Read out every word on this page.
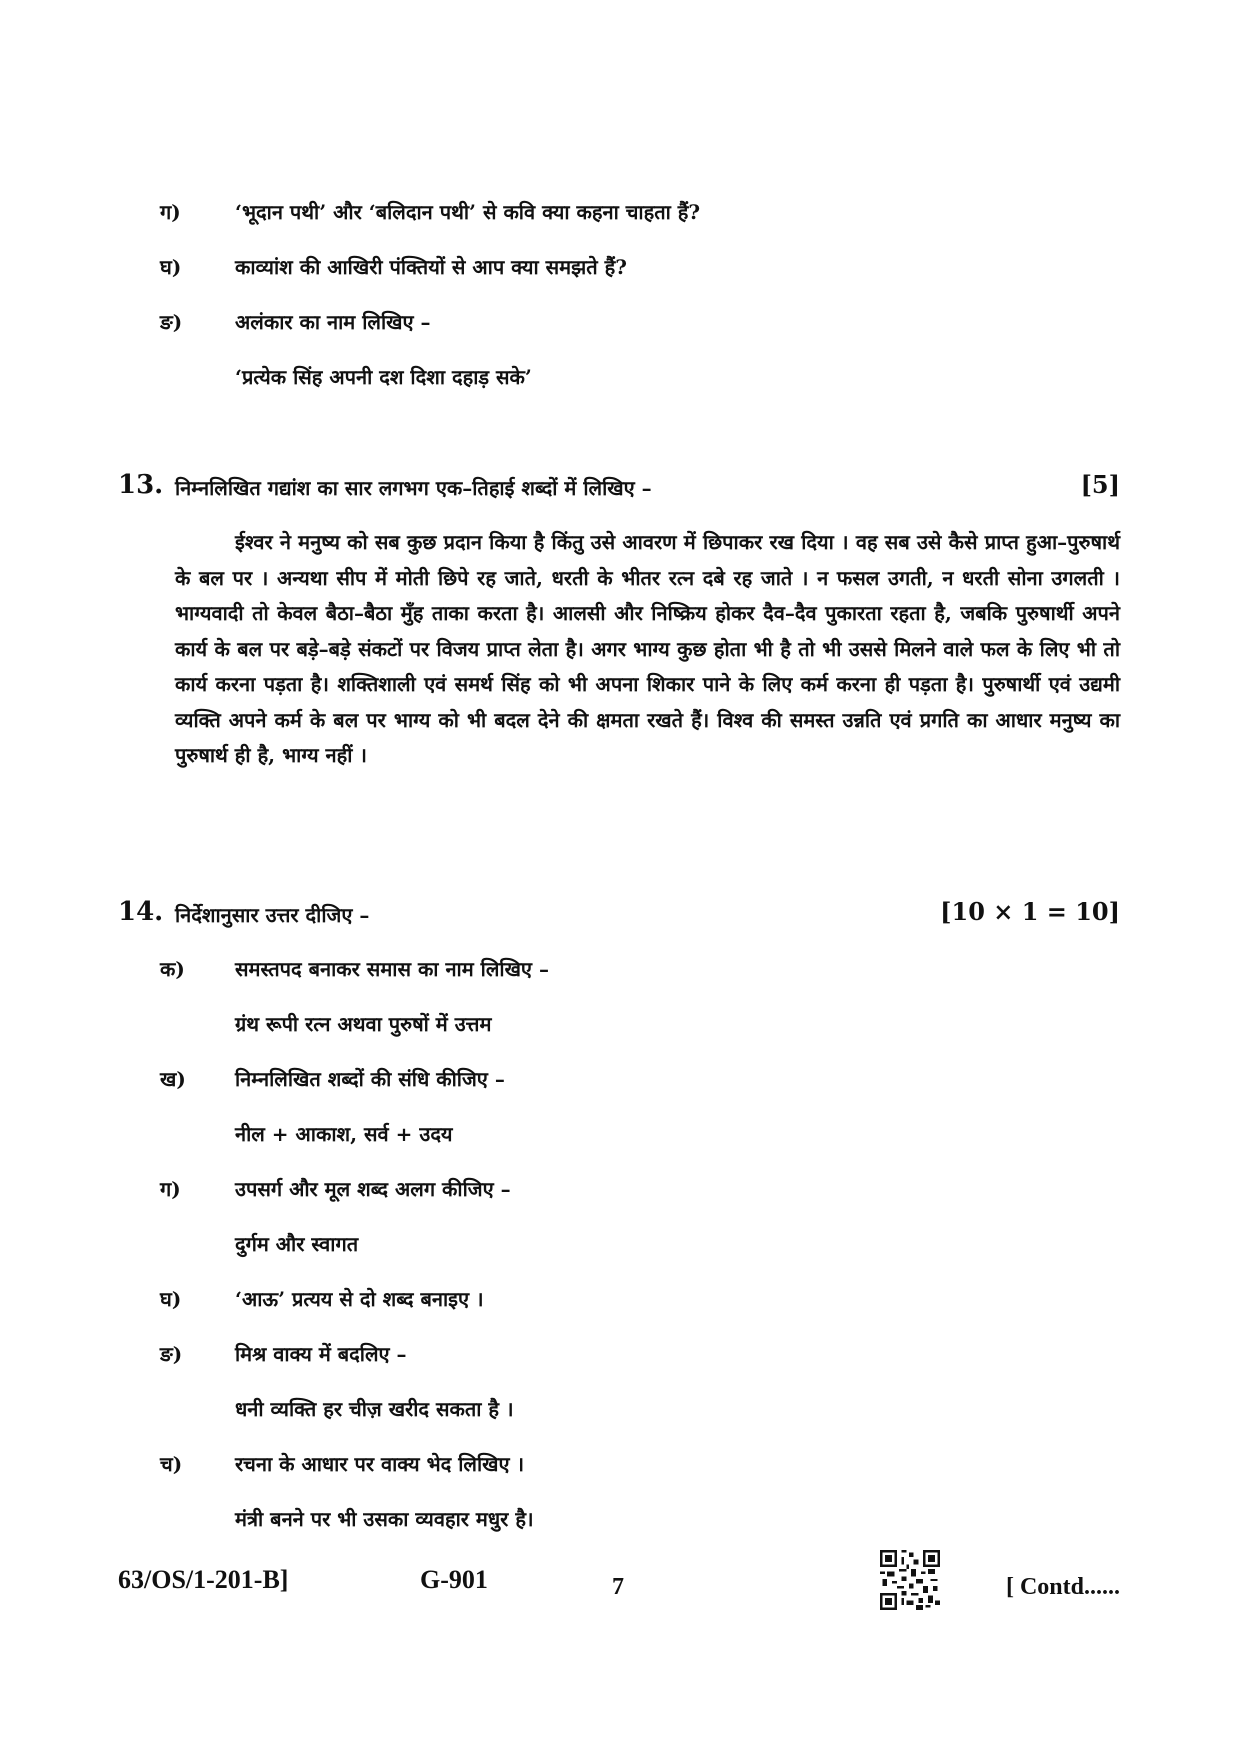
ग)	‘भूदान पथी’ और ‘बलिदान पथी’ से कवि क्या कहना चाहता हैं?
घ)	काव्यांश की आखिरी पंक्तियों से आप क्या समझते हैं?
ङ)	अलंकार का नाम लिखिए –
‘प्रत्येक सिंह अपनी दश दिशा दहाड़ सके’
13. निम्नलिखित गद्यांश का सार लगभग एक–तिहाई शब्दों में लिखिए –	[5]
ईश्वर ने मनुष्य को सब कुछ प्रदान किया है किंतु उसे आवरण में छिपाकर रख दिया । वह सब उसे कैसे प्राप्त हुआ–पुरुषार्थ के बल पर । अन्यथा सीप में मोती छिपे रह जाते, धरती के भीतर रत्न दबे रह जाते । न फसल उगती, न धरती सोना उगलती । भाग्यवादी तो केवल बैठा–बैठा मुँह ताका करता है। आलसी और निष्क्रिय होकर दैव–दैव पुकारता रहता है, जबकि पुरुषार्थी अपने कार्य के बल पर बड़े–बड़े संकटों पर विजय प्राप्त लेता है। अगर भाग्य कुछ होता भी है तो भी उससे मिलने वाले फल के लिए भी तो कार्य करना पड़ता है। शक्तिशाली एवं समर्थ सिंह को भी अपना शिकार पाने के लिए कर्म करना ही पड़ता है। पुरुषार्थी एवं उद्यमी व्यक्ति अपने कर्म के बल पर भाग्य को भी बदल देने की क्षमता रखते हैं। विश्व की समस्त उन्नति एवं प्रगति का आधार मनुष्य का पुरुषार्थ ही है, भाग्य नहीं ।
14. निर्देशानुसार उत्तर दीजिए –	[10 × 1 = 10]
क)	समस्तपद बनाकर समास का नाम लिखिए –
ग्रंथ रूपी रत्न अथवा पुरुषों में उत्तम
ख)	निम्नलिखित शब्दों की संधि कीजिए –
नील + आकाश, सर्व + उदय
ग)	उपसर्ग और मूल शब्द अलग कीजिए –
दुर्गम और स्वागत
घ)	‘आऊ’ प्रत्यय से दो शब्द बनाइए ।
ङ)	मिश्र वाक्य में बदलिए –
धनी व्यक्ति हर चीज़ खरीद सकता है ।
च)	रचना के आधार पर वाक्य भेद लिखिए ।
मंत्री बनने पर भी उसका व्यवहार मधुर है।
63/OS/1-201-B]	G-901	7	[ Contd......
